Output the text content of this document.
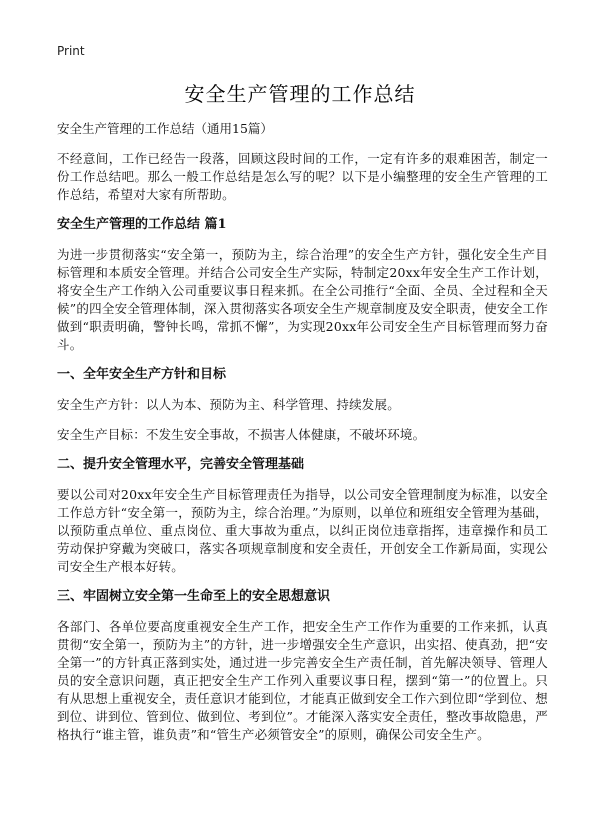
Print
安全生产管理的工作总结
安全生产管理的工作总结（通用15篇）

不经意间，工作已经告一段落，回顾这段时间的工作，一定有许多的艰难困苦，制定一份工作总结吧。那么一般工作总结是怎么写的呢？以下是小编整理的安全生产管理的工作总结，希望对大家有所帮助。

安全生产管理的工作总结 篇1

为进一步贯彻落实“安全第一，预防为主，综合治理”的安全生产方针，强化安全生产目标管理和本质安全管理。并结合公司安全生产实际，特制定20xx年安全生产工作计划，将安全生产工作纳入公司重要议事日程来抓。在全公司推行“全面、全员、全过程和全天候”的四全安全管理体制，深入贯彻落实各项安全生产规章制度及安全职责，使安全工作做到“职责明确，警钟长鸣，常抓不懈”，为实现20xx年公司安全生产目标管理而努力奋斗。

一、全年安全生产方针和目标

安全生产方针：以人为本、预防为主、科学管理、持续发展。

安全生产目标：不发生安全事故，不损害人体健康，不破坏环境。

二、提升安全管理水平，完善安全管理基础

要以公司对20xx年安全生产目标管理责任为指导，以公司安全管理制度为标准，以安全工作总方针“安全第一，预防为主，综合治理。”为原则，以单位和班组安全管理为基础，以预防重点单位、重点岗位、重大事故为重点，以纠正岗位违章指挥，违章操作和员工劳动保护穿戴为突破口，落实各项规章制度和安全责任，开创安全工作新局面，实现公司安全生产根本好转。

三、牢固树立安全第一生命至上的安全思想意识

各部门、各单位要高度重视安全生产工作，把安全生产工作作为重要的工作来抓，认真贯彻“安全第一，预防为主”的方针，进一步增强安全生产意识，出实招、使真劲，把“安全第一”的方针真正落到实处，通过进一步完善安全生产责任制，首先解决领导、管理人员的安全意识问题，真正把安全生产工作列入重要议事日程，摆到“第一”的位置上。只有从思想上重视安全，责任意识才能到位，才能真正做到安全工作六到位即“学到位、想到位、讲到位、管到位、做到位、考到位”。才能深入落实安全责任，整改事故隐患，严格执行“谁主管，谁负责”和“管生产必须管安全”的原则，确保公司安全生产。
